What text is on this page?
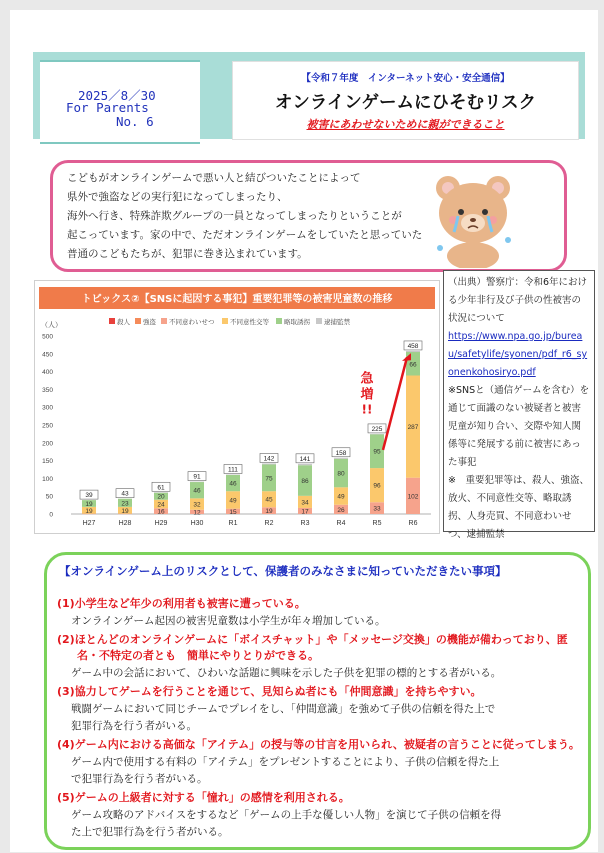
2025／8／30
For Parents
No. 6
【令和７年度　インターネット安心・安全通信】
オンラインゲームにひそむリスク
被害にあわせないために親ができること

こどもがオンラインゲームで悪い人と結びついたことによって

県外で強盗などの実行犯になってしまったり、

海外へ行き、特殊詐欺グループの一員となってしまったりということが

起こっています。家の中で、ただオンラインゲームをしていたと思っていた

普通のこどもたちが、犯罪に巻き込まれています。

トピックス②【SNSに起因する事犯】重要犯罪等の被害児童数の推移
殺人 強盗 不同意わいせつ 不同意性交等 略取誘拐 逮捕監禁
（人）
0
50
100
150
200
250
300
350
400
450
500
H27
19
19
39
H28
19
23
43
H29
16
24
20
61
H30
12
32
46
91
R1
15
49
46
111
R2
19
45
75
142
R3
17
34
86
141
R4
26
49
80
158
R5
33
96
95
225
R6
102
287
66
458
急
増
!!
（出典）警察庁：令和6年における少年非行及び子供の性被害の状況について
https://www.npa.go.jp/bureau/safetylife/syonen/pdf_r6_syonenkohosiryo.pdf
※SNSと（通信ゲームを含む）を通じて面識のない被疑者と被害児童が知り合い、交際や知人関係等に発展する前に被害にあった事犯
※　重要犯罪等は、殺人、強盗、放火、不同意性交等、略取誘拐、人身売買、不同意わいせつ、逮捕監禁
【オンラインゲーム上のリスクとして、保護者のみなさまに知っていただきたい事項】
(1)小学生など年少の利用者も被害に遭っている。
オンラインゲーム起因の被害児童数は小学生が年々増加している。
(2)ほとんどのオンラインゲームに「ボイスチャット」や「メッセージ交換」の機能が備わっており、匿
名・不特定の者とも　簡単にやりとりができる。
ゲーム中の会話において、ひわいな話題に興味を示した子供を犯罪の標的とする者がいる。
(3)協力してゲームを行うことを通じて、見知らぬ者にも「仲間意識」を持ちやすい。
戦闘ゲームにおいて同じチームでプレイをし、「仲間意識」を強めて子供の信頼を得た上で
犯罪行為を行う者がいる。
(4)ゲーム内における高価な「アイテム」の授与等の甘言を用いられ、被疑者の言うことに従ってしまう。
ゲーム内で使用する有料の「アイテム」をプレゼントすることにより、子供の信頼を得た上
で犯罪行為を行う者がいる。
(5)ゲームの上級者に対する「憧れ」の感情を利用される。
ゲーム攻略のアドバイスをするなど「ゲームの上手な優しい人物」を演じて子供の信頼を得
た上で犯罪行為を行う者がいる。
